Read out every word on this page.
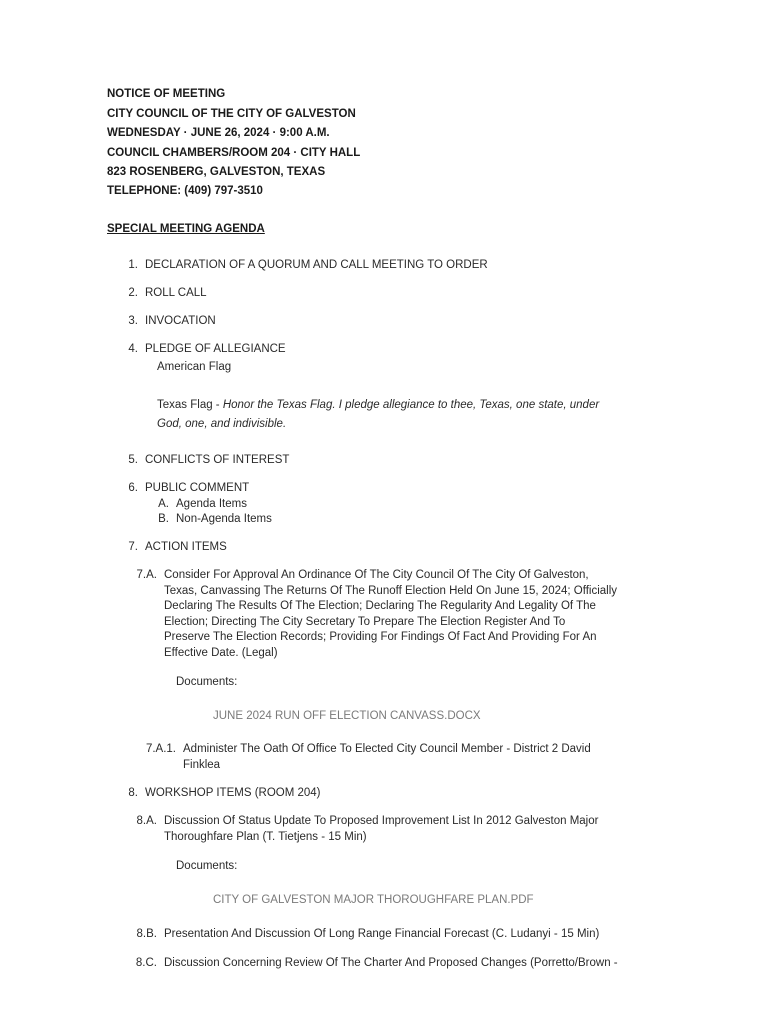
NOTICE OF MEETING
CITY COUNCIL OF THE CITY OF GALVESTON
WEDNESDAY · JUNE 26, 2024 · 9:00 A.M.
COUNCIL CHAMBERS/ROOM 204 · CITY HALL
823 ROSENBERG, GALVESTON, TEXAS
TELEPHONE: (409) 797-3510
SPECIAL MEETING AGENDA
1. DECLARATION OF A QUORUM AND CALL MEETING TO ORDER
2. ROLL CALL
3. INVOCATION
4. PLEDGE OF ALLEGIANCE
American Flag
Texas Flag - Honor the Texas Flag. I pledge allegiance to thee, Texas, one state, under
God, one, and indivisible.
5. CONFLICTS OF INTEREST
6. PUBLIC COMMENT
A. Agenda Items
B. Non-Agenda Items
7. ACTION ITEMS
7.A. Consider For Approval An Ordinance Of The City Council Of The City Of Galveston,
Texas, Canvassing The Returns Of The Runoff Election Held On June 15, 2024; Officially
Declaring The Results Of The Election; Declaring The Regularity And Legality Of The
Election; Directing The City Secretary To Prepare The Election Register And To
Preserve The Election Records; Providing For Findings Of Fact And Providing For An
Effective Date. (Legal)
Documents:
JUNE 2024 RUN OFF ELECTION CANVASS.DOCX
7.A.1. Administer The Oath Of Office To Elected City Council Member - District 2 David
Finklea
8. WORKSHOP ITEMS (ROOM 204)
8.A. Discussion Of Status Update To Proposed Improvement List In 2012 Galveston Major
Thoroughfare Plan (T. Tietjens - 15 Min)
Documents:
CITY OF GALVESTON MAJOR THOROUGHFARE PLAN.PDF
8.B. Presentation And Discussion Of Long Range Financial Forecast (C. Ludanyi - 15 Min)
8.C. Discussion Concerning Review Of The Charter And Proposed Changes (Porretto/Brown -
